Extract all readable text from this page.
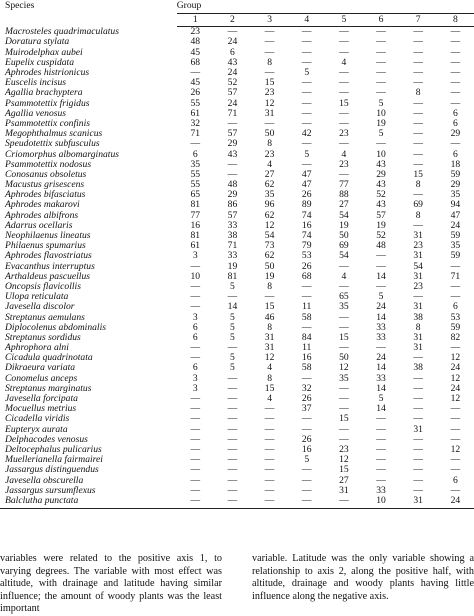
Species	Group							
	1	2	3	4	5	6	7	8
Macrosteles quadrimaculatus	23	—	—	—	—	—	—	—
Doratura stylata	48	24	—	—	—	—	—	—
Muirodelphax aubei	45	6	—	—	—	—	—	—
Eupelix cuspidata	68	43	8	—	4	—	—	—
Aphrodes histrionicus	—	24	—	5	—	—	—	—
Euscelis incisus	45	52	15	—	—	—	—	—
Agallia brachyptera	26	57	23	—	—	—	8	—
Psammotettix frigidus	55	24	12	—	15	5	—	—
Agallia venosus	61	71	31	—	—	10	—	6
Psammotettix confinis	32	—	—	—	—	19	—	6
Megophthalmus scanicus	71	57	50	42	23	5	—	29
Speudotettix subfusculus	—	29	8	—	—	—	—	—
Criomorphus albomarginatus	6	43	23	5	4	10	—	6
Psammotettix nodosus	35	—	4	—	23	43	—	18
Conosanus obsoletus	55	—	27	47	—	29	15	59
Macustus grisescens	55	48	62	47	77	43	8	29
Aphrodes bifasciatus	65	29	35	26	88	52	—	35
Aphrodes makarovi	81	86	96	89	27	43	69	94
Aphrodes albifrons	77	57	62	74	54	57	8	47
Adarrus ocellaris	16	33	12	16	19	19	—	24
Neophilaenus lineatus	81	38	54	74	50	52	31	59
Philaenus spumarius	61	71	73	79	69	48	23	35
Aphrodes flavostriatus	3	33	62	53	54	—	31	59
Evacanthus interruptus	—	19	50	26	—	—	54	—
Arthaldeus pascuellus	10	81	19	68	4	14	31	71
Oncopsis flavicollis	—	5	8	—	—	—	23	—
Ulopa reticulata	—	—	—	—	65	5	—	—
Javesella discolor	—	14	15	11	35	24	31	6
Streptanus aemulans	3	5	46	58	—	14	38	53
Diplocolenus abdominalis	6	5	8	—	—	33	8	59
Streptanus sordidus	6	5	31	84	15	33	31	82
Aphrophora alni	—	—	31	11	—	—	31	—
Cicadula quadrinotata	—	5	12	16	50	24	—	12
Dikraeura variata	6	5	4	58	12	14	38	24
Conomelus anceps	3	—	8	—	35	33	—	12
Streptanus marginatus	3	—	15	32	—	14	—	24
Javesella forcipata	—	—	4	26	—	5	—	12
Mocuellus metrius	—	—	—	37	—	14	—	—
Cicadella viridis	—	—	—	—	15	—	—	—
Eupteryx aurata	—	—	—	—	—	—	31	—
Delphacodes venosus	—	—	—	26	—	—	—	—
Deltocephalus pulicarius	—	—	—	16	23	—	—	12
Muellerianella fairmairei	—	—	—	5	12	—	—	—
Jassargus distinguendus	—	—	—	—	15	—	—	—
Javesella obscurella	—	—	—	—	27	—	—	6
Jassargus sursumflexus	—	—	—	—	31	33	—	—
Balclutha punctata	—	—	—	—	—	10	31	24

variables were related to the positive axis 1, to varying degrees. The variable with most effect was altitude, with drainage and latitude having similar influence; the amount of woody plants was the least important

variable. Latitude was the only variable showing a relationship to axis 2, along the positive half, with altitude, drainage and woody plants having little influence along the negative axis.
